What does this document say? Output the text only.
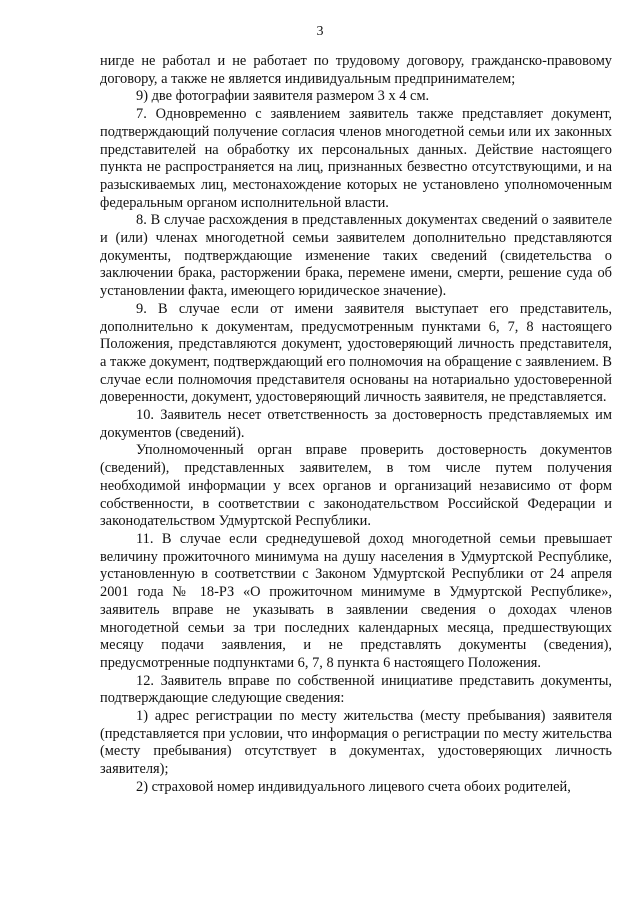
3

нигде не работал и не работает по трудовому договору, гражданско-правовому договору, а также не является индивидуальным предпринимателем;

9) две фотографии заявителя размером 3 х 4 см.

7. Одновременно с заявлением заявитель также представляет документ, подтверждающий получение согласия членов многодетной семьи или их законных представителей на обработку их персональных данных. Действие настоящего пункта не распространяется на лиц, признанных безвестно отсутствующими, и на разыскиваемых лиц, местонахождение которых не установлено уполномоченным федеральным органом исполнительной власти.

8. В случае расхождения в представленных документах сведений о заявителе и (или) членах многодетной семьи заявителем дополнительно представляются документы, подтверждающие изменение таких сведений (свидетельства о заключении брака, расторжении брака, перемене имени, смерти, решение суда об установлении факта, имеющего юридическое значение).

9. В случае если от имени заявителя выступает его представитель, дополнительно к документам, предусмотренным пунктами 6, 7, 8 настоящего Положения, представляются документ, удостоверяющий личность представителя, а также документ, подтверждающий его полномочия на обращение с заявлением. В случае если полномочия представителя основаны на нотариально удостоверенной доверенности, документ, удостоверяющий личность заявителя, не представляется.

10. Заявитель несет ответственность за достоверность представляемых им документов (сведений).

Уполномоченный орган вправе проверить достоверность документов (сведений), представленных заявителем, в том числе путем получения необходимой информации у всех органов и организаций независимо от форм собственности, в соответствии с законодательством Российской Федерации и законодательством Удмуртской Республики.

11. В случае если среднедушевой доход многодетной семьи превышает величину прожиточного минимума на душу населения в Удмуртской Республике, установленную в соответствии с Законом Удмуртской Республики от 24 апреля 2001 года № 18-РЗ «О прожиточном минимуме в Удмуртской Республике», заявитель вправе не указывать в заявлении сведения о доходах членов многодетной семьи за три последних календарных месяца, предшествующих месяцу подачи заявления, и не представлять документы (сведения), предусмотренные подпунктами 6, 7, 8 пункта 6 настоящего Положения.

12. Заявитель вправе по собственной инициативе представить документы, подтверждающие следующие сведения:

1) адрес регистрации по месту жительства (месту пребывания) заявителя (представляется при условии, что информация о регистрации по месту жительства (месту пребывания) отсутствует в документах, удостоверяющих личность заявителя);

2) страховой номер индивидуального лицевого счета обоих родителей,
